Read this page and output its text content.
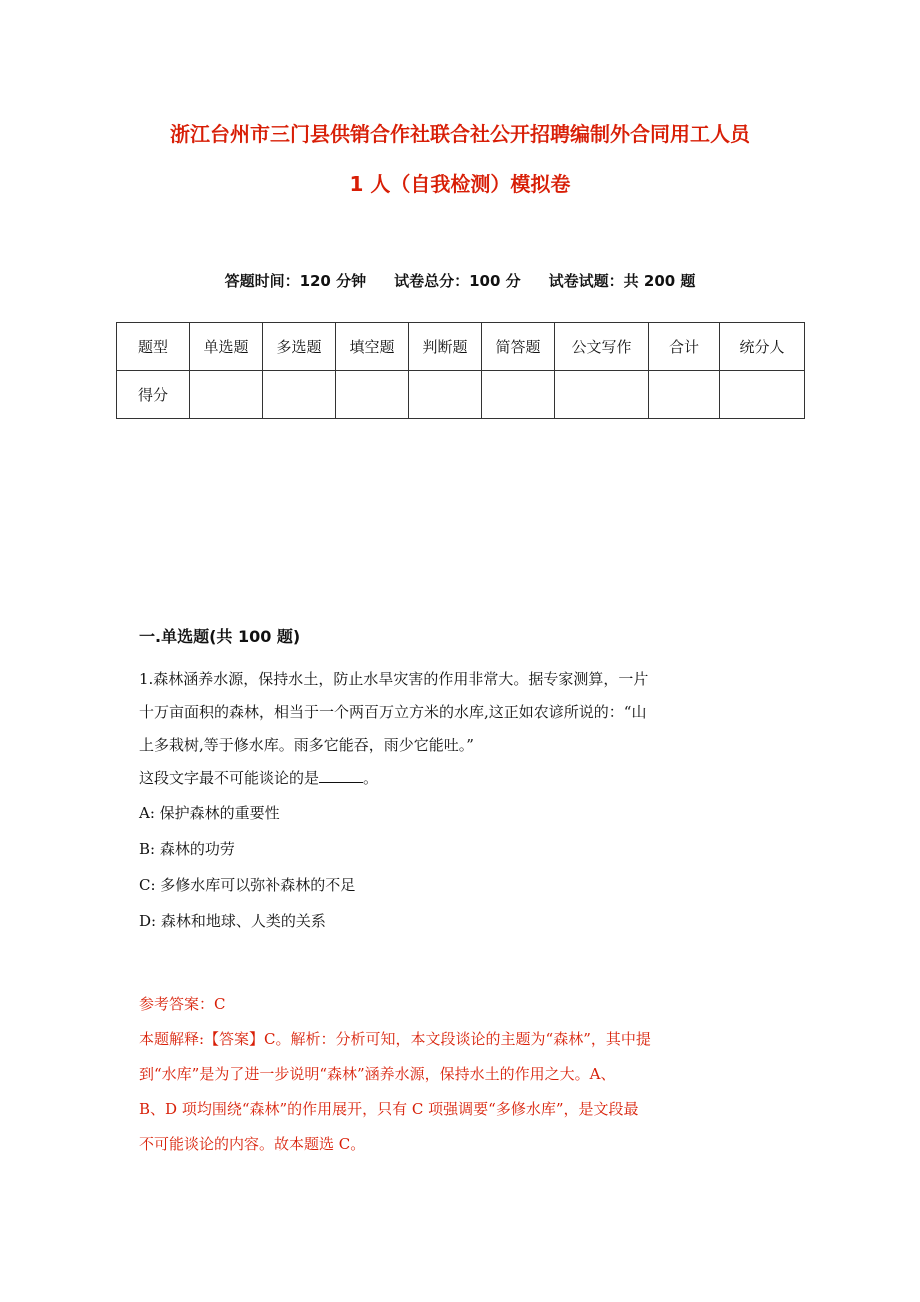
浙江台州市三门县供销合作社联合社公开招聘编制外合同用工人员
1 人（自我检测）模拟卷
答题时间：120 分钟 试卷总分：100 分 试卷试题：共 200 题
题型	单选题	多选题	填空题	判断题	简答题	公文写作	合计	统分人
得分								
一.单选题(共 100 题)
1.森林涵养水源，保持水土，防止水旱灾害的作用非常大。据专家测算，一片
十万亩面积的森林，相当于一个两百万立方米的水库,这正如农谚所说的：“山
上多栽树,等于修水库。雨多它能吞，雨少它能吐。”
这段文字最不可能谈论的是	。
A: 保护森林的重要性
B: 森林的功劳
C: 多修水库可以弥补森林的不足
D: 森林和地球、人类的关系
参考答案：C
本题解释:【答案】C。解析：分析可知，本文段谈论的主题为“森林”，其中提
到“水库”是为了进一步说明“森林”涵养水源，保持水土的作用之大。A、
B、D 项均围绕“森林”的作用展开，只有 C 项强调要“多修水库”，是文段最
不可能谈论的内容。故本题选 C。
